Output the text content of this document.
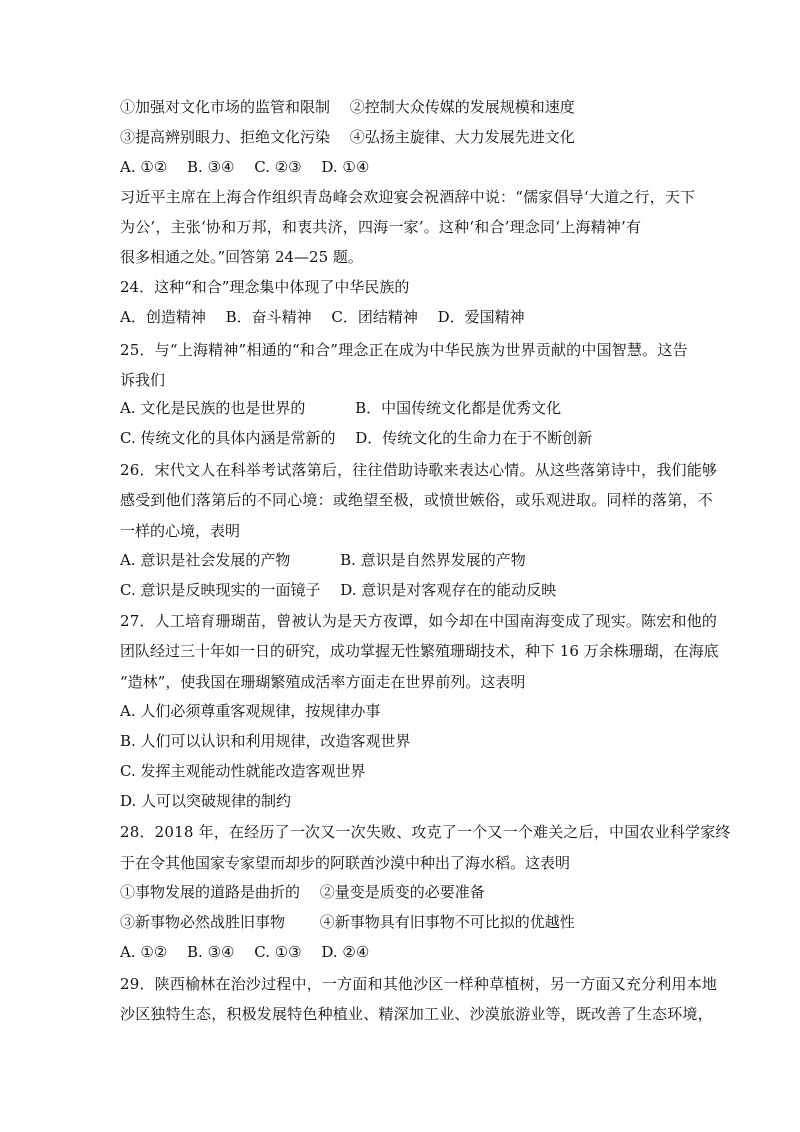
①加强对文化市场的监管和限制　 ②控制大众传媒的发展规模和速度
③提高辨别眼力、拒绝文化污染　 ④弘扬主旋律、大力发展先进文化
A. ①②　 B. ③④　 C. ②③　 D. ①④
习近平主席在上海合作组织青岛峰会欢迎宴会祝酒辞中说：“儒家倡导‘大道之行，天下
为公’，主张‘协和万邦，和衷共济，四海一家’。这种‘和合’理念同‘上海精神’有
很多相通之处。”回答第 24—25 题。
24．这种“和合”理念集中体现了中华民族的
A．创造精神　 B．奋斗精神　 C．团结精神　 D．爱国精神
25．与“上海精神”相通的“和合”理念正在成为中华民族为世界贡献的中国智慧。这告
诉我们
A. 文化是民族的也是世界的　　　 B．中国传统文化都是优秀文化
C. 传统文化的具体内涵是常新的　 D．传统文化的生命力在于不断创新
26．宋代文人在科举考试落第后，往往借助诗歌来表达心情。从这些落第诗中，我们能够
感受到他们落第后的不同心境：或绝望至极，或愤世嫉俗，或乐观进取。同样的落第，不
一样的心境，表明
A. 意识是社会发展的产物　　　 B. 意识是自然界发展的产物
C. 意识是反映现实的一面镜子　 D. 意识是对客观存在的能动反映
27．人工培育珊瑚苗，曾被认为是天方夜谭，如今却在中国南海变成了现实。陈宏和他的
团队经过三十年如一日的研究，成功掌握无性繁殖珊瑚技术，种下 16 万余株珊瑚，在海底
“造林”，使我国在珊瑚繁殖成活率方面走在世界前列。这表明
A. 人们必须尊重客观规律，按规律办事
B. 人们可以认识和利用规律，改造客观世界
C. 发挥主观能动性就能改造客观世界
D. 人可以突破规律的制约
28．2018 年，在经历了一次又一次失败、攻克了一个又一个难关之后，中国农业科学家终
于在令其他国家专家望而却步的阿联酋沙漠中种出了海水稻。这表明
①事物发展的道路是曲折的　 ②量变是质变的必要准备
③新事物必然战胜旧事物　　 ④新事物具有旧事物不可比拟的优越性
A. ①②　 B. ③④　 C. ①③　 D. ②④
29．陕西榆林在治沙过程中，一方面和其他沙区一样种草植树，另一方面又充分利用本地
沙区独特生态，积极发展特色种植业、精深加工业、沙漠旅游业等，既改善了生态环境，
